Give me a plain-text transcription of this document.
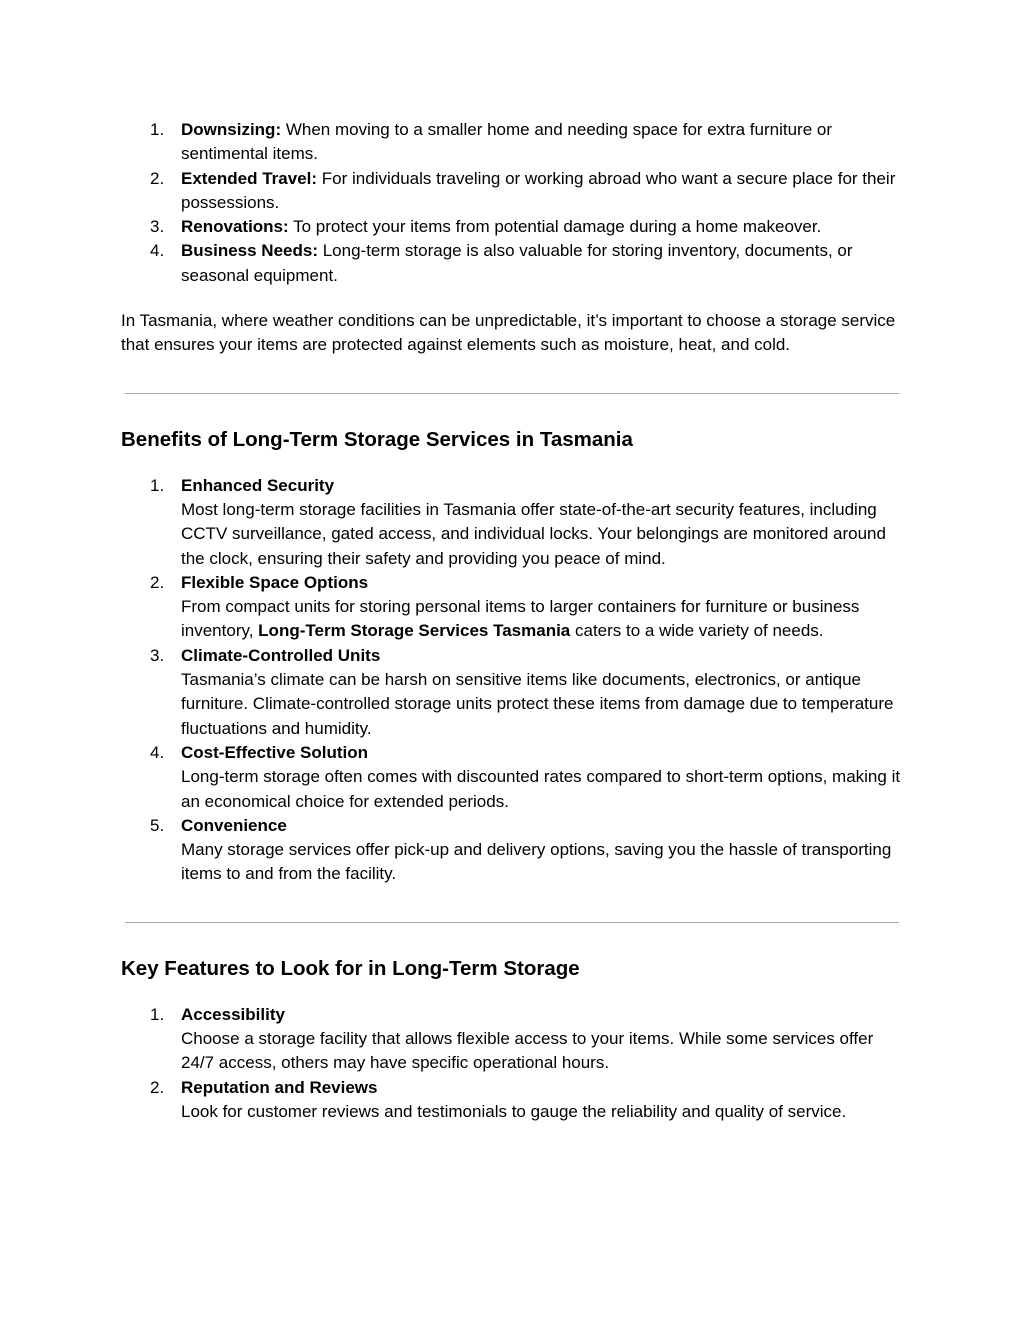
1. Downsizing: When moving to a smaller home and needing space for extra furniture or sentimental items.
2. Extended Travel: For individuals traveling or working abroad who want a secure place for their possessions.
3. Renovations: To protect your items from potential damage during a home makeover.
4. Business Needs: Long-term storage is also valuable for storing inventory, documents, or seasonal equipment.

In Tasmania, where weather conditions can be unpredictable, it’s important to choose a storage service that ensures your items are protected against elements such as moisture, heat, and cold.

Benefits of Long-Term Storage Services in Tasmania
1. Enhanced Security
Most long-term storage facilities in Tasmania offer state-of-the-art security features, including CCTV surveillance, gated access, and individual locks. Your belongings are monitored around the clock, ensuring their safety and providing you peace of mind.
2. Flexible Space Options
From compact units for storing personal items to larger containers for furniture or business inventory, Long-Term Storage Services Tasmania caters to a wide variety of needs.
3. Climate-Controlled Units
Tasmania’s climate can be harsh on sensitive items like documents, electronics, or antique furniture. Climate-controlled storage units protect these items from damage due to temperature fluctuations and humidity.
4. Cost-Effective Solution
Long-term storage often comes with discounted rates compared to short-term options, making it an economical choice for extended periods.
5. Convenience
Many storage services offer pick-up and delivery options, saving you the hassle of transporting items to and from the facility.
Key Features to Look for in Long-Term Storage
1. Accessibility
Choose a storage facility that allows flexible access to your items. While some services offer 24/7 access, others may have specific operational hours.
2. Reputation and Reviews
Look for customer reviews and testimonials to gauge the reliability and quality of service.
